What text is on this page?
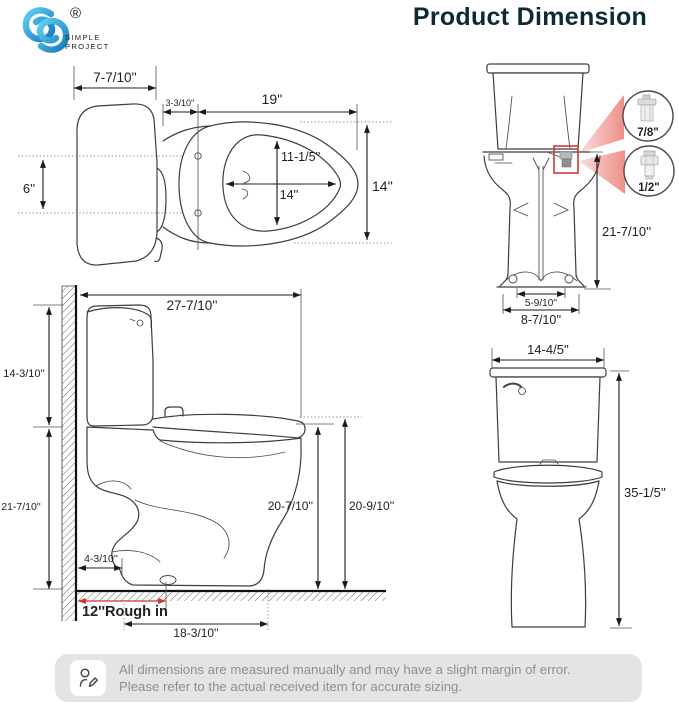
®
SIMPLE
PROJECT
Product Dimension
7-7/10''
6''
3-3/10''	19''
11-1/5''
14''
14''
7/8"
1/2"
21-7/10''
5-9/10''
8-7/10''
27-7/10''
14-3/10''
21-7/10''
4-3/10''
12''Rough in
18-3/10''
20-7/10''	20-9/10''
14-4/5''
35-1/5''
All dimensions are measured manually and may have a slight margin of error.
Please refer to the actual received item for accurate sizing.
